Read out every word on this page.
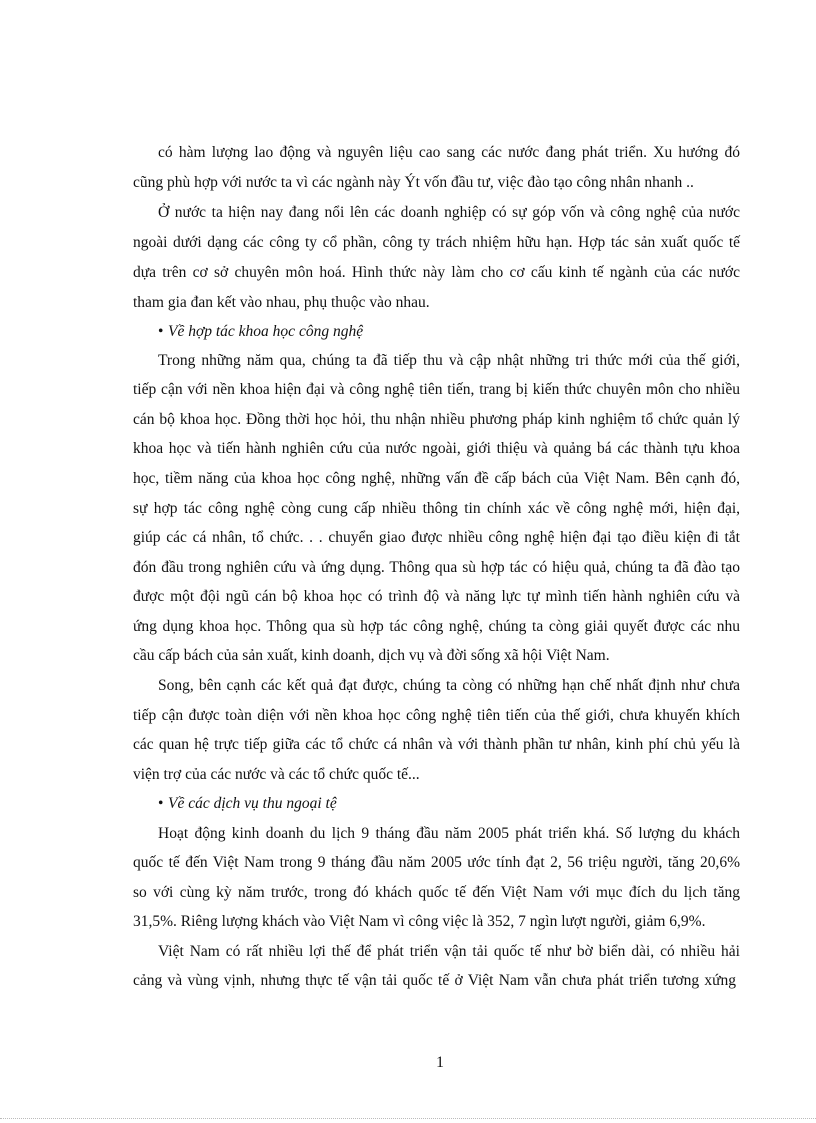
có hàm lượng lao động và nguyên liệu cao sang các nước đang phát triển. Xu hướng đó
cũng phù hợp với nước ta vì các ngành này Ýt vốn đầu tư, việc đào tạo công nhân nhanh ..
Ở nước ta hiện nay đang nổi lên các doanh nghiệp có sự góp vốn và công nghệ của nước
ngoài dưới dạng các công ty cổ phần, công ty trách nhiệm hữu hạn. Hợp tác sản xuất quốc tế
dựa trên cơ sở chuyên môn hoá. Hình thức này làm cho cơ cấu kinh tế ngành của các nước
tham gia đan kết vào nhau, phụ thuộc vào nhau.
• Về hợp tác khoa học công nghệ
Trong những năm qua, chúng ta đã tiếp thu và cập nhật những tri thức mới của thế giới,
tiếp cận với nền khoa hiện đại và công nghệ tiên tiến, trang bị kiến thức chuyên môn cho nhiều
cán bộ khoa học. Đồng thời học hỏi, thu nhận nhiều phương pháp kinh nghiệm tổ chức quản lý
khoa học và tiến hành nghiên cứu của nước ngoài, giới thiệu và quảng bá các thành tựu khoa
học, tiềm năng của khoa học công nghệ, những vấn đề cấp bách của Việt Nam. Bên cạnh đó,
sự hợp tác công nghệ còng cung cấp nhiều thông tin chính xác về công nghệ mới, hiện đại,
giúp các cá nhân, tổ chức. . . chuyển giao được nhiều công nghệ hiện đại tạo điều kiện đi tắt
đón đầu trong nghiên cứu và ứng dụng. Thông qua sù hợp tác có hiệu quả, chúng ta đã đào tạo
được một đội ngũ cán bộ khoa học có trình độ và năng lực tự mình tiến hành nghiên cứu và
ứng dụng khoa học. Thông qua sù hợp tác công nghệ, chúng ta còng giải quyết được các nhu
cầu cấp bách của sản xuất, kinh doanh, dịch vụ và đời sống xã hội Việt Nam.
Song, bên cạnh các kết quả đạt được, chúng ta còng có những hạn chế nhất định như chưa
tiếp cận được toàn diện với nền khoa học công nghệ tiên tiến của thế giới, chưa khuyến khích
các quan hệ trực tiếp giữa các tổ chức cá nhân và với thành phần tư nhân, kinh phí chủ yếu là
viện trợ của các nước và các tổ chức quốc tế...
• Về các dịch vụ thu ngoại tệ
Hoạt động kinh doanh du lịch 9 tháng đầu năm 2005 phát triển khá. Số lượng du khách
quốc tế đến Việt Nam trong 9 tháng đầu năm 2005 ước tính đạt 2, 56 triệu người, tăng 20,6%
so với cùng kỳ năm trước, trong đó khách quốc tế đến Việt Nam với mục đích du lịch tăng
31,5%. Riêng lượng khách vào Việt Nam vì công việc là 352, 7 ngìn lượt người, giảm 6,9%.
Việt Nam có rất nhiều lợi thế để phát triển vận tải quốc tế như bờ biển dài, có nhiều hải
cảng và vùng vịnh, nhưng thực tế vận tải quốc tế ở Việt Nam vẫn chưa phát triển tương xứng
1
